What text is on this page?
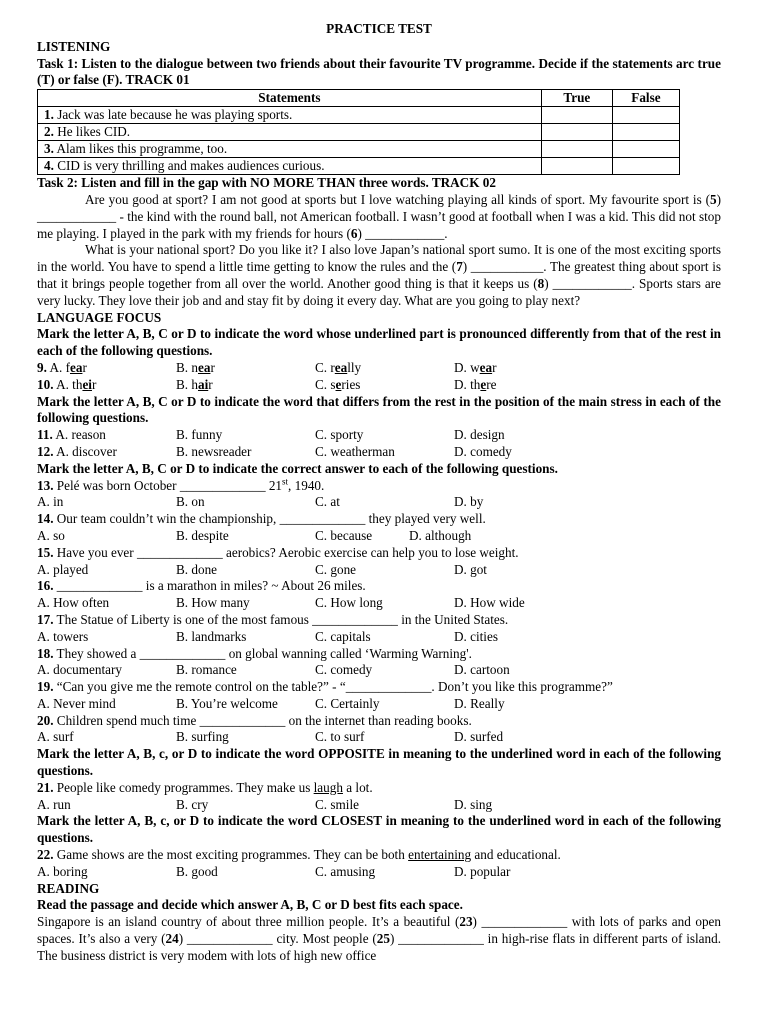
PRACTICE TEST
LISTENING
Task 1: Listen to the dialogue between two friends about their favourite TV programme. Decide if the statements arc true (T) or false (F). TRACK 01
Statements	True	False
1. Jack was late because he was playing sports.		
2. He likes CID.		
3. Alam likes this programme, too.		
4. CID is very thrilling and makes audiences curious.		
Task 2: Listen and fill in the gap with NO MORE THAN three words. TRACK 02
Are you good at sport? I am not good at sports but I love watching playing all kinds of sport. My favourite sport is (5) ____________ - the kind with the round ball, not American football. I wasn’t good at football when I was a kid. This did not stop me playing. I played in the park with my friends for hours (6) ____________.
What is your national sport? Do you like it? I also love Japan’s national sport sumo. It is one of the most exciting sports in the world. You have to spend a little time getting to know the rules and the (7) ___________. The greatest thing about sport is that it brings people together from all over the world. Another good thing is that it keeps us (8) ____________. Sports stars are very lucky. They love their job and and stay fit by doing it every day. What are you going to play next?
LANGUAGE FOCUS
Mark the letter A, B, C or D to indicate the word whose underlined part is pronounced differently from that of the rest in each of the following questions.
9. A. fear	B. near	C. really	D. wear
10. A. their	B. hair	C. series	D. there
Mark the letter A, B, C or D to indicate the word that differs from the rest in the position of the main stress in each of the following questions.
11. A. reason	B. funny	C. sporty	D. design
12. A. discover	B. newsreader	C. weatherman	D. comedy
Mark the letter A, B, C or D to indicate the correct answer to each of the following questions.
13. Pelé was born October _____________ 21st, 1940.
A. in	B. on	C. at	D. by
14. Our team couldn’t win the championship, _____________ they played very well.
A. so	B. despite	C. because	D. although
15. Have you ever _____________ aerobics? Aerobic exercise can help you to lose weight.
A. played	B. done	C. gone	D. got
16. _____________ is a marathon in miles? ~ About 26 miles.
A. How often	B. How many	C. How long	D. How wide
17. The Statue of Liberty is one of the most famous _____________ in the United States.
A. towers	B. landmarks	C. capitals	D. cities
18. They showed a _____________ on global wanning called ‘Warming Warning'.
A. documentary	B. romance	C. comedy	D. cartoon
19. “Can you give me the remote control on the table?” - “_____________. Don’t you like this programme?”
A. Never mind	B. You’re welcome	C. Certainly	D. Really
20. Children spend much time _____________ on the internet than reading books.
A. surf	B. surfing	C. to surf	D. surfed
Mark the letter A, B, c, or D to indicate the word OPPOSITE in meaning to the underlined word in each of the following questions.
21. People like comedy programmes. They make us laugh a lot.
A. run	B. cry	C. smile	D. sing
Mark the letter A, B, c, or D to indicate the word CLOSEST in meaning to the underlined word in each of the following questions.
22. Game shows are the most exciting programmes. They can be both entertaining and educational.
A. boring	B. good	C. amusing	D. popular
READING
Read the passage and decide which answer A, B, C or D best fits each space.
Singapore is an island country of about three million people. It’s a beautiful (23) _____________ with lots of parks and open spaces. It’s also a very (24) _____________ city. Most people (25) _____________ in high-rise flats in different parts of island. The business district is very modem with lots of high new office
